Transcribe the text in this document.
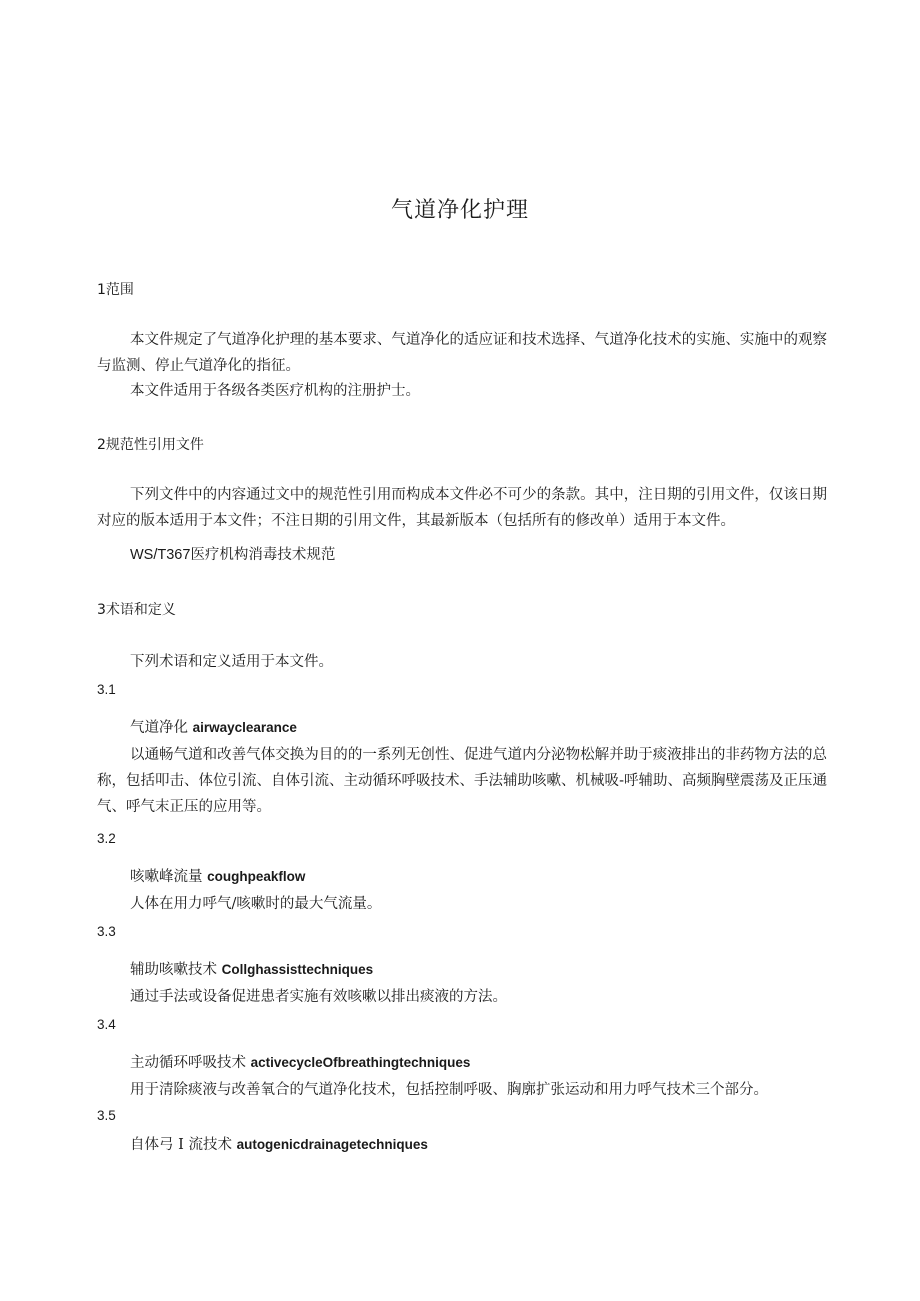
气道净化护理
1范围
本文件规定了气道净化护理的基本要求、气道净化的适应证和技术选择、气道净化技术的实施、实施中的观察与监测、停止气道净化的指征。
本文件适用于各级各类医疗机构的注册护士。
2规范性引用文件
下列文件中的内容通过文中的规范性引用而构成本文件必不可少的条款。其中，注日期的引用文件，仅该日期对应的版本适用于本文件；不注日期的引用文件，其最新版本（包括所有的修改单）适用于本文件。
WS/T367医疗机构消毒技术规范
3术语和定义
下列术语和定义适用于本文件。
3.1
气道净化 airwayclearance
以通畅气道和改善气体交换为目的的一系列无创性、促进气道内分泌物松解并助于痰液排出的非药物方法的总称，包括叩击、体位引流、自体引流、主动循环呼吸技术、手法辅助咳嗽、机械吸-呼辅助、高频胸壁震荡及正压通气、呼气末正压的应用等。
3.2
咳嗽峰流量 coughpeakflow
人体在用力呼气/咳嗽时的最大气流量。
3.3
辅助咳嗽技术 Collghassisttechniques
通过手法或设备促进患者实施有效咳嗽以排出痰液的方法。
3.4
主动循环呼吸技术 activecycleOfbreathingtechniques
用于清除痰液与改善氧合的气道净化技术，包括控制呼吸、胸廓扩张运动和用力呼气技术三个部分。
3.5
自体弓 I 流技术 autogenicdrainagetechniques
